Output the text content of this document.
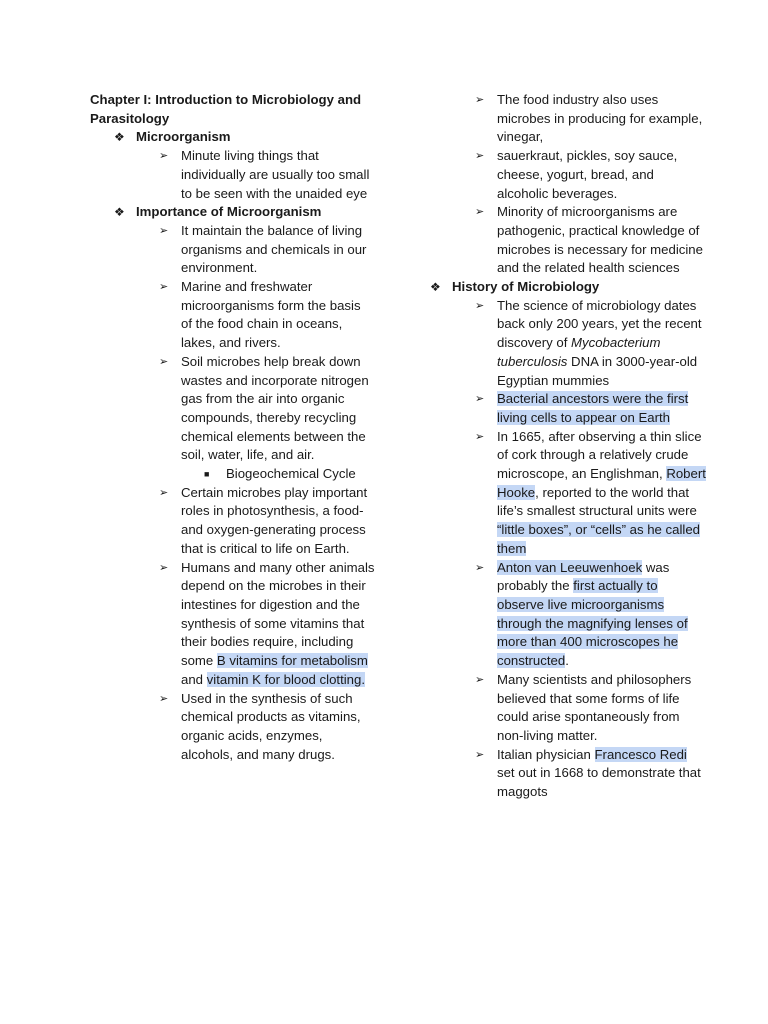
Chapter I: Introduction to Microbiology and Parasitology
❖ Microorganism
➢ Minute living things that individually are usually too small to be seen with the unaided eye
❖ Importance of Microorganism
➢ It maintain the balance of living organisms and chemicals in our environment.
➢ Marine and freshwater microorganisms form the basis of the food chain in oceans, lakes, and rivers.
➢ Soil microbes help break down wastes and incorporate nitrogen gas from the air into organic compounds, thereby recycling chemical elements between the soil, water, life, and air.
■ Biogeochemical Cycle
➢ Certain microbes play important roles in photosynthesis, a food-and oxygen-generating process that is critical to life on Earth.
➢ Humans and many other animals depend on the microbes in their intestines for digestion and the synthesis of some vitamins that their bodies require, including some B vitamins for metabolism and vitamin K for blood clotting.
➢ Used in the synthesis of such chemical products as vitamins, organic acids, enzymes, alcohols, and many drugs.
➢ The food industry also uses microbes in producing for example, vinegar,
➢ sauerkraut, pickles, soy sauce, cheese, yogurt, bread, and alcoholic beverages.
➢ Minority of microorganisms are pathogenic, practical knowledge of microbes is necessary for medicine and the related health sciences
❖ History of Microbiology
➢ The science of microbiology dates back only 200 years, yet the recent discovery of Mycobacterium tuberculosis DNA in 3000-year-old Egyptian mummies
➢ Bacterial ancestors were the first living cells to appear on Earth
➢ In 1665, after observing a thin slice of cork through a relatively crude microscope, an Englishman, Robert Hooke, reported to the world that life’s smallest structural units were “little boxes”, or “cells” as he called them
➢ Anton van Leeuwenhoek was probably the first actually to observe live microorganisms through the magnifying lenses of more than 400 microscopes he constructed.
➢ Many scientists and philosophers believed that some forms of life could arise spontaneously from non-living matter.
➢ Italian physician Francesco Redi set out in 1668 to demonstrate that maggots
